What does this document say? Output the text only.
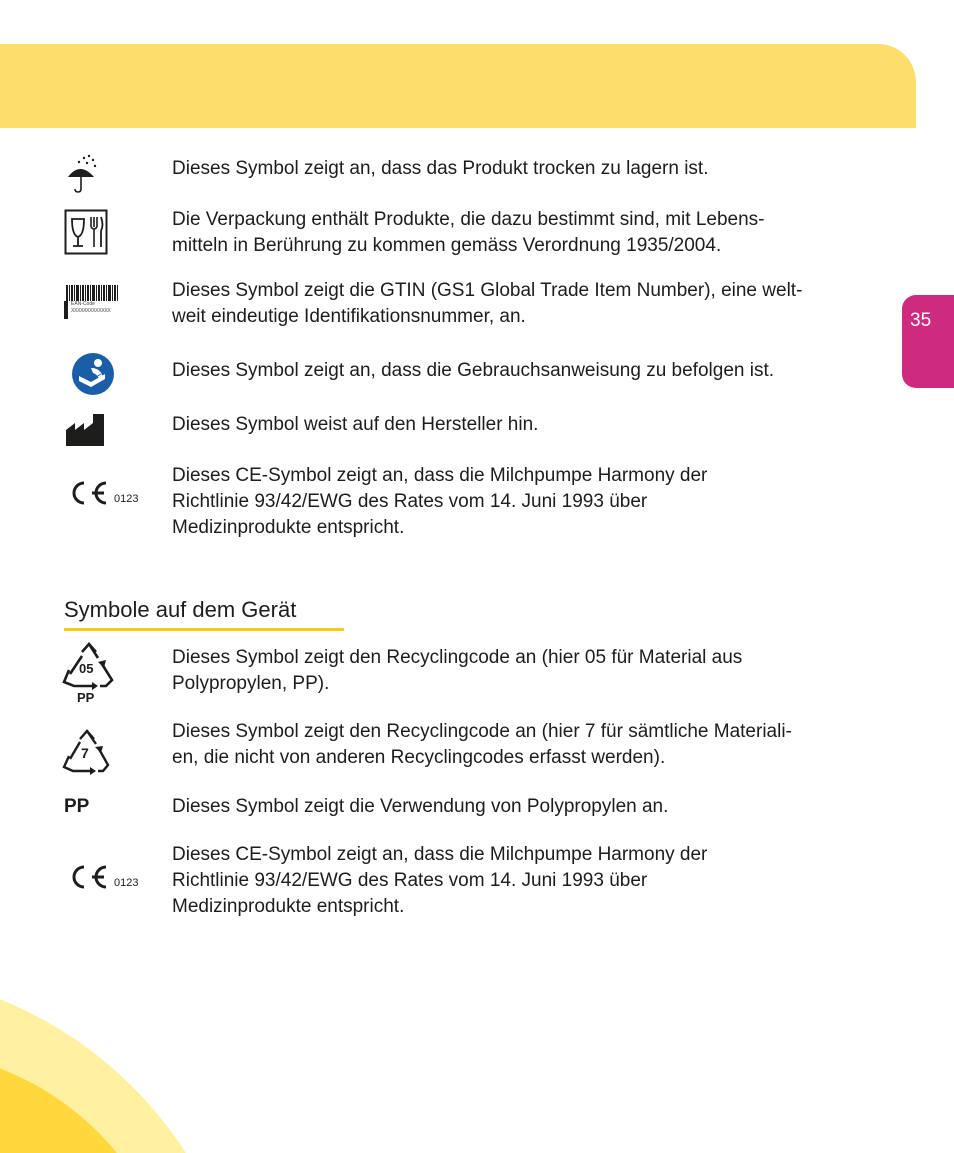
35

Dieses Symbol zeigt an, dass das Produkt trocken zu lagern ist.

Die Verpackung enthält Produkte, die dazu bestimmt sind, mit Lebens-
mitteln in Berührung zu kommen gemäss Verordnung 1935/2004.

EAN-Code
XXXXXXXXXXXXX

Dieses Symbol zeigt die GTIN (GS1 Global Trade Item Number), eine welt-
weit eindeutige Identifikationsnummer, an.

Dieses Symbol zeigt an, dass die Gebrauchsanweisung zu befolgen ist.

Dieses Symbol weist auf den Hersteller hin.

0123

Dieses CE-Symbol zeigt an, dass die Milchpumpe Harmony der
Richtlinie 93/42/EWG des Rates vom 14. Juni 1993 über
Medizinprodukte entspricht.

Symbole auf dem Gerät
05
PP

Dieses Symbol zeigt den Recyclingcode an (hier 05 für Material aus
Polypropylen, PP).

7

Dieses Symbol zeigt den Recyclingcode an (hier 7 für sämtliche Materiali-
en, die nicht von anderen Recyclingcodes erfasst werden).

PP	Dieses Symbol zeigt die Verwendung von Polypropylen an.

0123

Dieses CE-Symbol zeigt an, dass die Milchpumpe Harmony der
Richtlinie 93/42/EWG des Rates vom 14. Juni 1993 über
Medizinprodukte entspricht.
